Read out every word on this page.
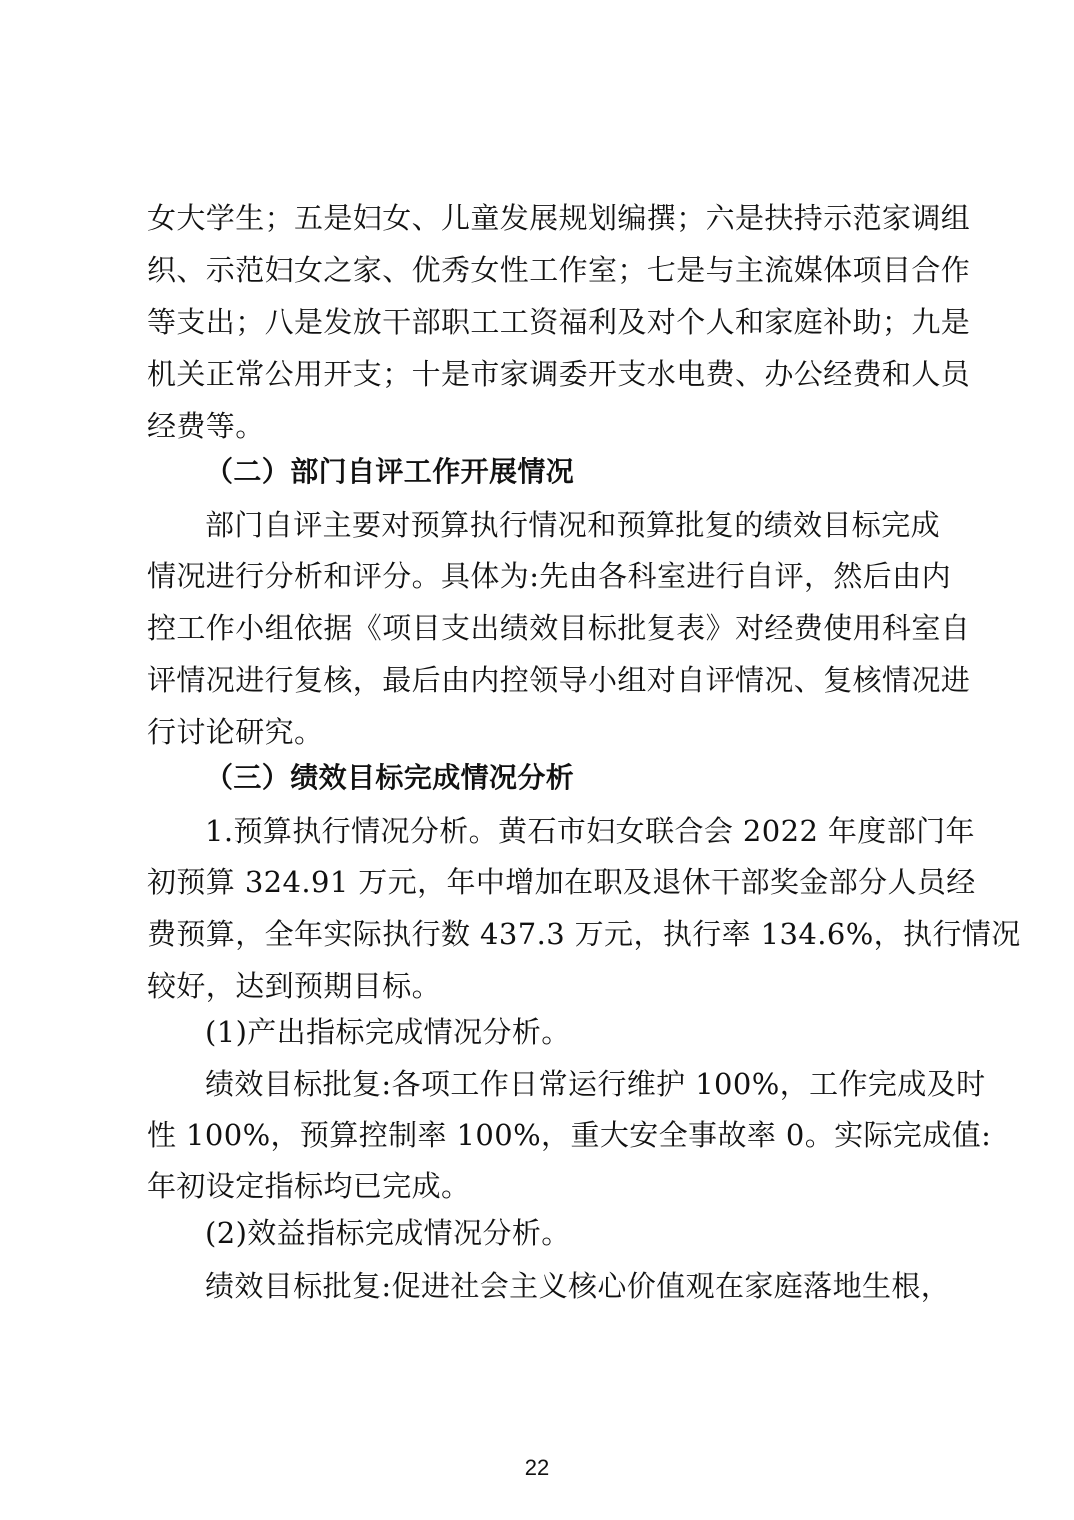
女大学生；五是妇女、儿童发展规划编撰；六是扶持示范家调组
织、示范妇女之家、优秀女性工作室；七是与主流媒体项目合作
等支出；八是发放干部职工工资福利及对个人和家庭补助；九是
机关正常公用开支；十是市家调委开支水电费、办公经费和人员
经费等。
（二）部门自评工作开展情况
部门自评主要对预算执行情况和预算批复的绩效目标完成
情况进行分析和评分。具体为:先由各科室进行自评，然后由内
控工作小组依据《项目支出绩效目标批复表》对经费使用科室自
评情况进行复核，最后由内控领导小组对自评情况、复核情况进
行讨论研究。
（三）绩效目标完成情况分析
1.预算执行情况分析。黄石市妇女联合会 2022 年度部门年
初预算 324.91 万元，年中增加在职及退休干部奖金部分人员经
费预算，全年实际执行数 437.3 万元，执行率 134.6%，执行情况
较好，达到预期目标。
(1)产出指标完成情况分析。
绩效目标批复:各项工作日常运行维护 100%，工作完成及时
性 100%，预算控制率 100%，重大安全事故率 0。实际完成值:
年初设定指标均已完成。
(2)效益指标完成情况分析。
绩效目标批复:促进社会主义核心价值观在家庭落地生根，
22
